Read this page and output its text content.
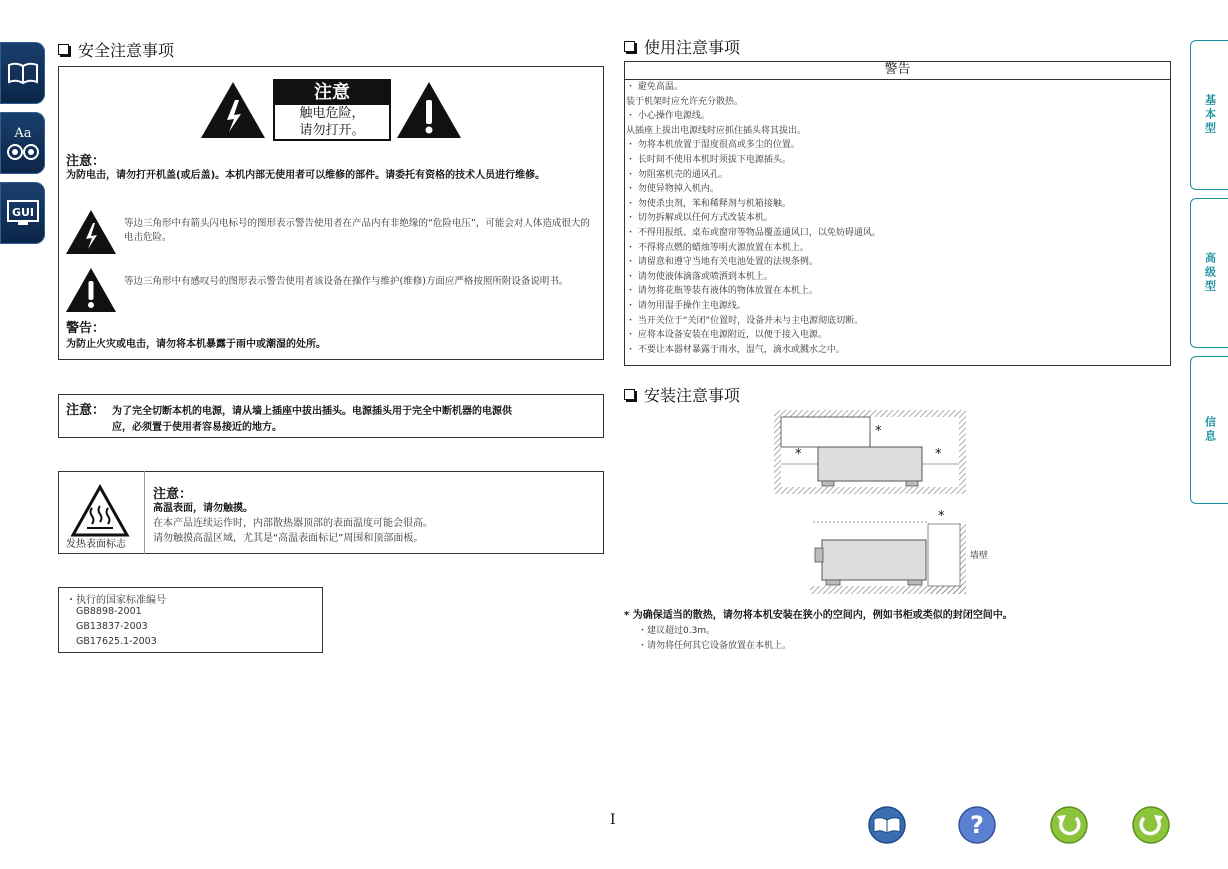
Aa
GUI
基本型
高级型
信息
安全注意事项
注意
触电危险，
请勿打开。
注意：
为防电击，请勿打开机盖(或后盖)。本机内部无使用者可以维修的部件。请委托有资格的技术人员进行维修。
等边三角形中有箭头闪电标号的图形表示警告使用者在产品内有非绝缘的“危险电压”，可能会对人体造成很大的电击危险。
等边三角形中有感叹号的图形表示警告使用者该设备在操作与维护(维修)方面应严格按照所附设备说明书。
警告：
为防止火灾或电击，请勿将本机暴露于雨中或潮湿的处所。
注意： 为了完全切断本机的电源，请从墙上插座中拔出插头。电源插头用于完全中断机器的电源供
应，必须置于使用者容易接近的地方。
发热表面标志
注意：
高温表面，请勿触摸。
在本产品连续运作时，内部散热器顶部的表面温度可能会很高。
请勿触摸高温区域，尤其是“高温表面标记”周围和顶部面板。
・执行的国家标准编号
GB8898-2001
GB13837-2003
GB17625.1-2003
使用注意事项
警告
・ 避免高温。
装于机架时应允许充分散热。
・ 小心操作电源线。
从插座上拔出电源线时应抓住插头将其拔出。
・ 勿将本机放置于湿度很高或多尘的位置。
・ 长时间不使用本机时须拔下电源插头。
・ 勿阻塞机壳的通风孔。
・ 勿使异物掉入机内。
・ 勿使杀虫剂，苯和稀释剂与机箱接触。
・ 切勿拆解或以任何方式改装本机。
・ 不得用报纸、桌布或窗帘等物品覆盖通风口，以免妨碍通风。
・ 不得将点燃的蜡烛等明火源放置在本机上。
・ 请留意和遵守当地有关电池处置的法规条例。
・ 请勿使液体滴落或喷洒到本机上。
・ 请勿将花瓶等装有液体的物体放置在本机上。
・ 请勿用湿手操作主电源线。
・ 当开关位于“关闭”位置时，设备并未与主电源彻底切断。
・ 应将本设备安装在电源附近，以便于接入电源。
・ 不要让本器材暴露于雨水，湿气，滴水或溅水之中。
安装注意事项
*
*	*
*
墙壁
* 为确保适当的散热，请勿将本机安装在狭小的空间内，例如书柜或类似的封闭空间中。
・建议超过0.3m。
・请勿将任何其它设备放置在本机上。
I	?
